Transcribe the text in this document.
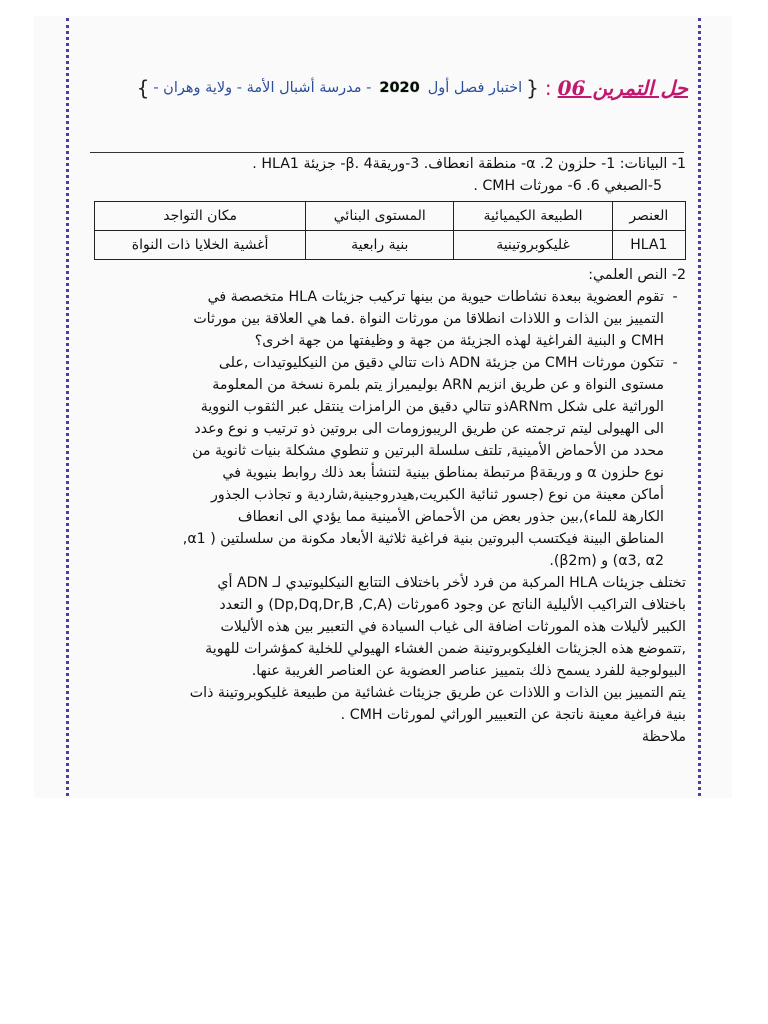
حل التمرين 06
:
{
اختبار فصل أول
2020
- مدرسة أشبال الأمة - ولاية وهران -
}
1- البيانات: 1- حلزون α .2- منطقة انعطاف. 3-وريقةβ. 4- جزيئة HLA1 .
5-الصبغي 6. 6- مورثات CMH .
العنصر	الطبيعة الكيميائية	المستوى البنائي	مكان التواجد
HLA1	غليكوبروتينية	بنية رابعية	أغشية الخلايا ذات النواة
2- النص العلمي:
-تقوم العضوية ببعدة نشاطات حيوية من بينها تركيب جزيئات HLA متخصصة في
التمييز بين الذات و اللاذات انطلاقا من مورثات النواة .فما هي العلاقة بين مورثات
CMH و البنية الفراغية لهذه الجزيئة من جهة و وظيفتها من جهة اخرى؟
-تتكون مورثات CMH من جزيئة ADN ذات تتالي دقيق من النيكليوتيدات ,على
مستوى النواة و عن طريق انزيم ARN بوليميراز يتم بلمرة نسخة من المعلومة
الوراثية على شكل ARNmذو تتالي دقيق من الرامزات ينتقل عبر الثقوب النووية
الى الهيولى ليتم ترجمته عن طريق الريبوزومات الى بروتين ذو ترتيب و نوع وعدد
محدد من الأحماض الأمينية, تلتف سلسلة البرتين و تنطوي مشكلة بنيات ثانوية من
نوع حلزون α و وريقةβ مرتبطة بمناطق بينية لتنشأ بعد ذلك روابط بنيوية في
أماكن معينة من نوع (جسور ثنائية الكبريت,هيدروجينية,شاردية و تجاذب الجذور
الكارهة للماء),بين جذور بعض من الأحماض الأمينية مما يؤدي الى انعطاف
المناطق البينة فيكتسب البروتين بنية فراغية ثلاثية الأبعاد مكونة من سلسلتين ( α1,
α3, α2) و (β2m).
تختلف جزيئات HLA المركبة من فرد لأخر باختلاف التتابع النيكليوتيدي لـ ADN أي
باختلاف التراكيب الأليلية الناتج عن وجود 6مورثات (Dp,Dq,Dr,B ,C,A) و التعدد
الكبير لأليلات هذه المورثات اضافة الى غياب السيادة في التعبير بين هذه الأليلات
,تتموضع هذه الجزيئات الغليكوبروتينة ضمن الغشاء الهيولي للخلية كمؤشرات للهوية
البيولوجية للفرد يسمح ذلك بتمييز عناصر العضوية عن العناصر الغريبة عنها.
يتم التمييز بين الذات و اللاذات عن طريق جزيئات غشائية من طبيعة غليكوبروتينة ذات
بنية فراغية معينة ناتجة عن التعبيير الوراثي لمورثات CMH .
ملاحظة
